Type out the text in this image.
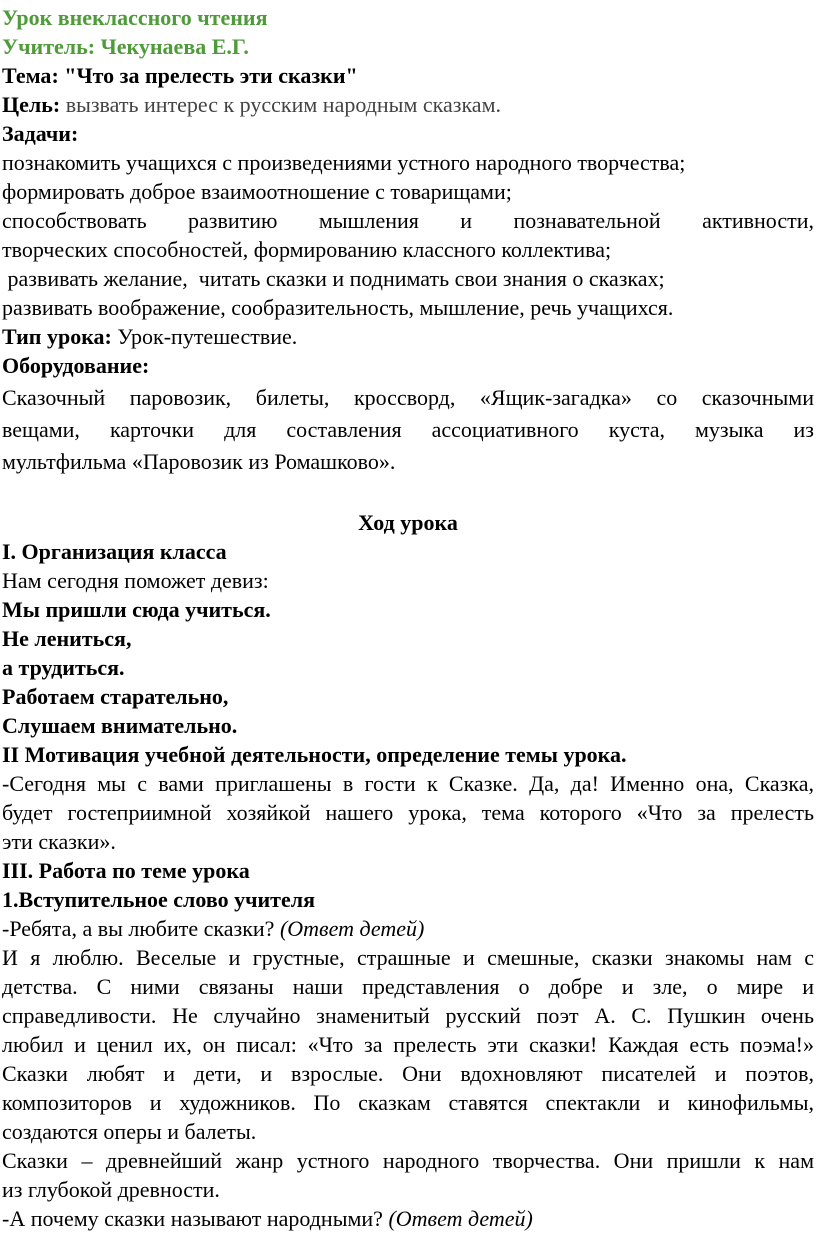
Урок внеклассного чтения
Учитель: Чекунаева Е.Г.
Тема: "Что за прелесть эти сказки"
Цель: вызвать интерес к русским народным сказкам.
Задачи:
познакомить учащихся с произведениями устного народного творчества;
формировать доброе взаимоотношение с товарищами;
способствовать развитию мышления и познавательной активности,
творческих способностей, формированию классного коллектива;
развивать желание,  читать сказки и поднимать свои знания о сказках;
развивать воображение, сообразительность, мышление, речь учащихся.
Тип урока: Урок-путешествие.
Оборудование:
Сказочный паровозик, билеты, кроссворд, «Ящик-загадка» со сказочными
вещами, карточки для составления ассоциативного куста, музыка из
мультфильма «Паровозик из Ромашково».
Ход урока
I. Организация класса
Нам сегодня поможет девиз:
Мы пришли сюда учиться.
Не лениться,
а трудиться.
Работаем старательно,
Слушаем внимательно.
II Мотивация учебной деятельности, определение темы урока.
-Сегодня мы с вами приглашены в гости к Сказке. Да, да! Именно она, Сказка,
будет гостеприимной хозяйкой нашего урока, тема которого «Что за прелесть
эти сказки».
III. Работа по теме урока
1.Вступительное слово учителя
-Ребята, а вы любите сказки? (Ответ детей)
И я люблю. Веселые и грустные, страшные и смешные, сказки знакомы нам с
детства. С ними связаны наши представления о добре и зле, о мире и
справедливости. Не случайно знаменитый русский поэт А. С. Пушкин очень
любил и ценил их, он писал: «Что за прелесть эти сказки! Каждая есть поэма!»
Сказки любят и дети, и взрослые. Они вдохновляют писателей и поэтов,
композиторов и художников. По сказкам ставятся спектакли и кинофильмы,
создаются оперы и балеты.
Сказки – древнейший жанр устного народного творчества. Они пришли к нам
из глубокой древности.
-А почему сказки называют народными? (Ответ детей)
